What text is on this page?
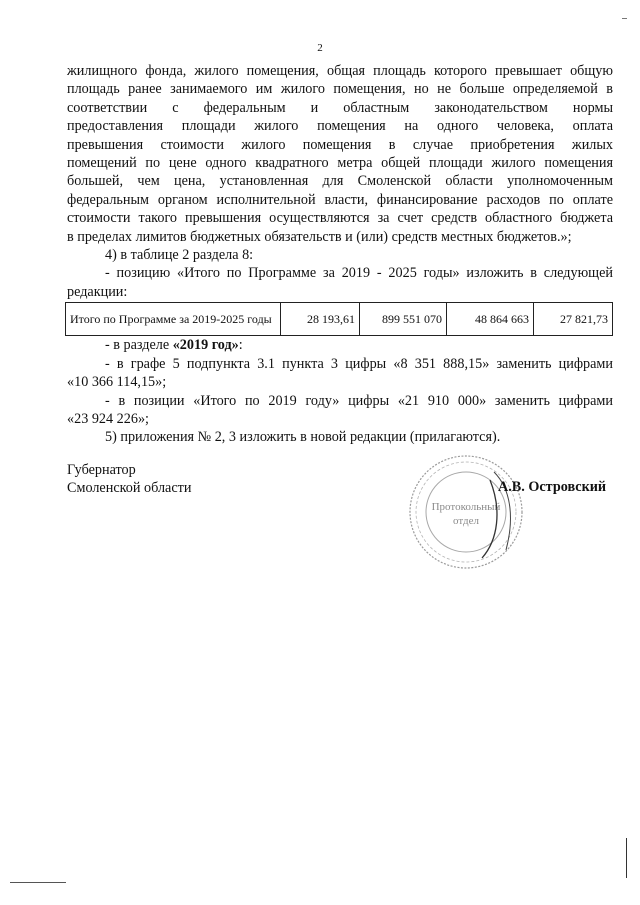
2

жилищного фонда, жилого помещения, общая площадь которого превышает общую

площадь ранее занимаемого им жилого помещения, но не больше определяемой в

соответствии с федеральным и областным законодательством нормы

предоставления площади жилого помещения на одного человека, оплата

превышения стоимости жилого помещения в случае приобретения жилых

помещений по цене одного квадратного метра общей площади жилого помещения

большей, чем цена, установленная для Смоленской области уполномоченным

федеральным органом исполнительной власти, финансирование расходов по оплате

стоимости такого превышения осуществляются за счет средств областного бюджета

в пределах лимитов бюджетных обязательств и (или) средств местных бюджетов.»;

4) в таблице 2 раздела 8:

- позицию «Итого по Программе за 2019 - 2025 годы» изложить в следующей

редакции:

Итого по Программе за 2019-2025 годы	28 193,61	899 551 070	48 864 663	27 821,73

- в разделе «2019 год»:

- в графе 5 подпункта 3.1 пункта 3 цифры «8 351 888,15» заменить цифрами

«10 366 114,15»;

- в позиции «Итого по 2019 году» цифры «21 910 000» заменить цифрами

«23 924 226»;

5) приложения № 2, 3 изложить в новой редакции (прилагаются).

Губернатор
Смоленской области
Протокольный
отдел
А.В. Островский
